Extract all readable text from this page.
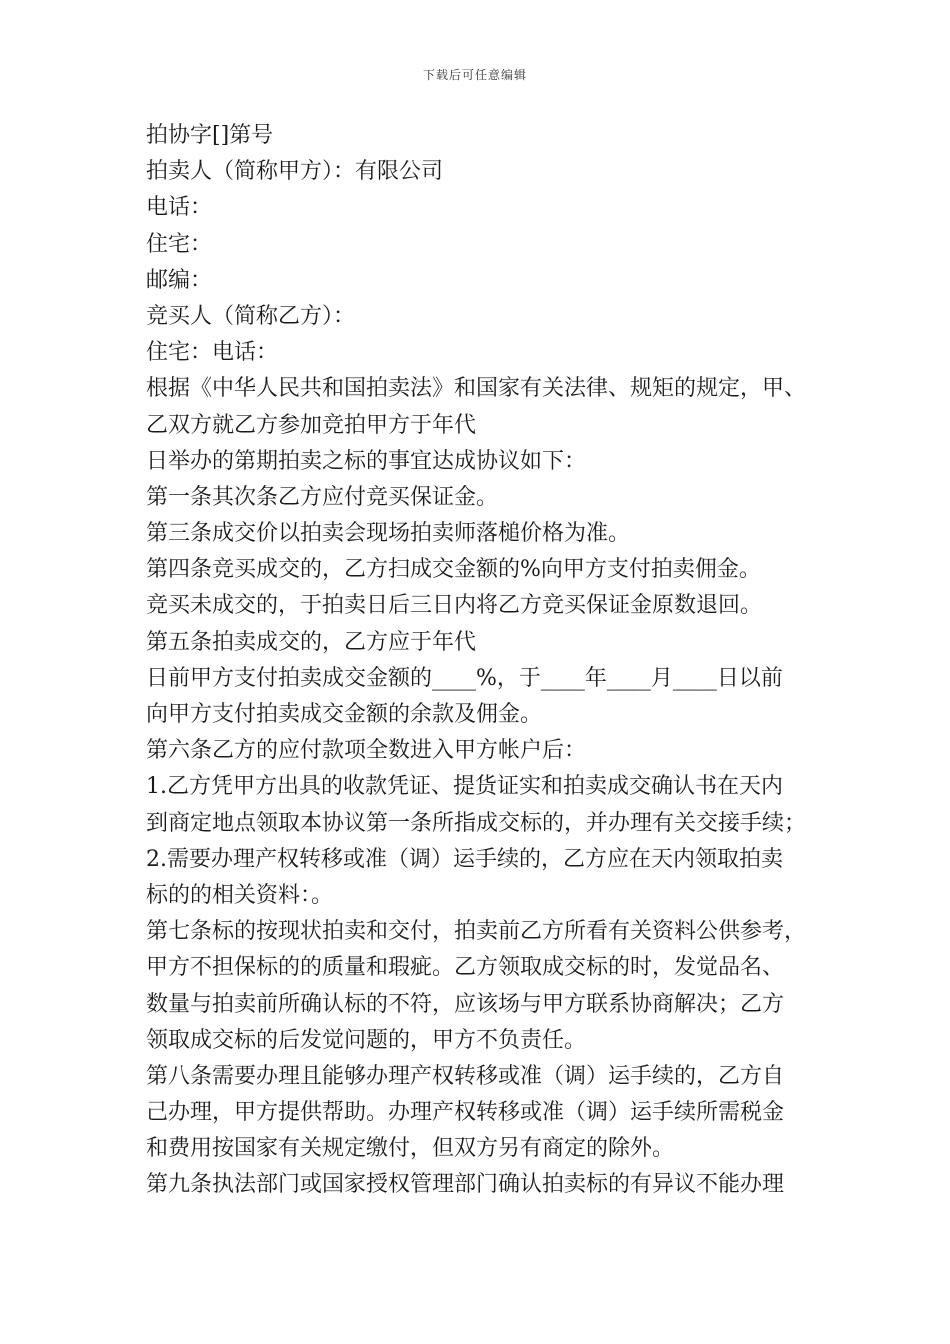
下载后可任意编辑
拍协字[]第号
拍卖人（简称甲方）：有限公司
电话：
住宅：
邮编：
竞买人（简称乙方）：
住宅：电话：
根据《中华人民共和国拍卖法》和国家有关法律、规矩的规定，甲、
乙双方就乙方参加竞拍甲方于年代
日举办的第期拍卖之标的事宜达成协议如下：
第一条其次条乙方应付竞买保证金。
第三条成交价以拍卖会现场拍卖师落槌价格为准。
第四条竞买成交的，乙方扫成交金额的%向甲方支付拍卖佣金。
竞买未成交的，于拍卖日后三日内将乙方竞买保证金原数退回。
第五条拍卖成交的，乙方应于年代
日前甲方支付拍卖成交金额的____%，于____年____月____日以前
向甲方支付拍卖成交金额的余款及佣金。
第六条乙方的应付款项全数进入甲方帐户后：
1.乙方凭甲方出具的收款凭证、提货证实和拍卖成交确认书在天内
到商定地点领取本协议第一条所指成交标的，并办理有关交接手续；
2.需要办理产权转移或准（调）运手续的，乙方应在天内领取拍卖
标的的相关资料：。
第七条标的按现状拍卖和交付，拍卖前乙方所看有关资料公供参考，
甲方不担保标的的质量和瑕疵。乙方领取成交标的时，发觉品名、
数量与拍卖前所确认标的不符，应该场与甲方联系协商解决；乙方
领取成交标的后发觉问题的，甲方不负责任。
第八条需要办理且能够办理产权转移或准（调）运手续的，乙方自
己办理，甲方提供帮助。办理产权转移或准（调）运手续所需税金
和费用按国家有关规定缴付，但双方另有商定的除外。
第九条执法部门或国家授权管理部门确认拍卖标的有异议不能办理
